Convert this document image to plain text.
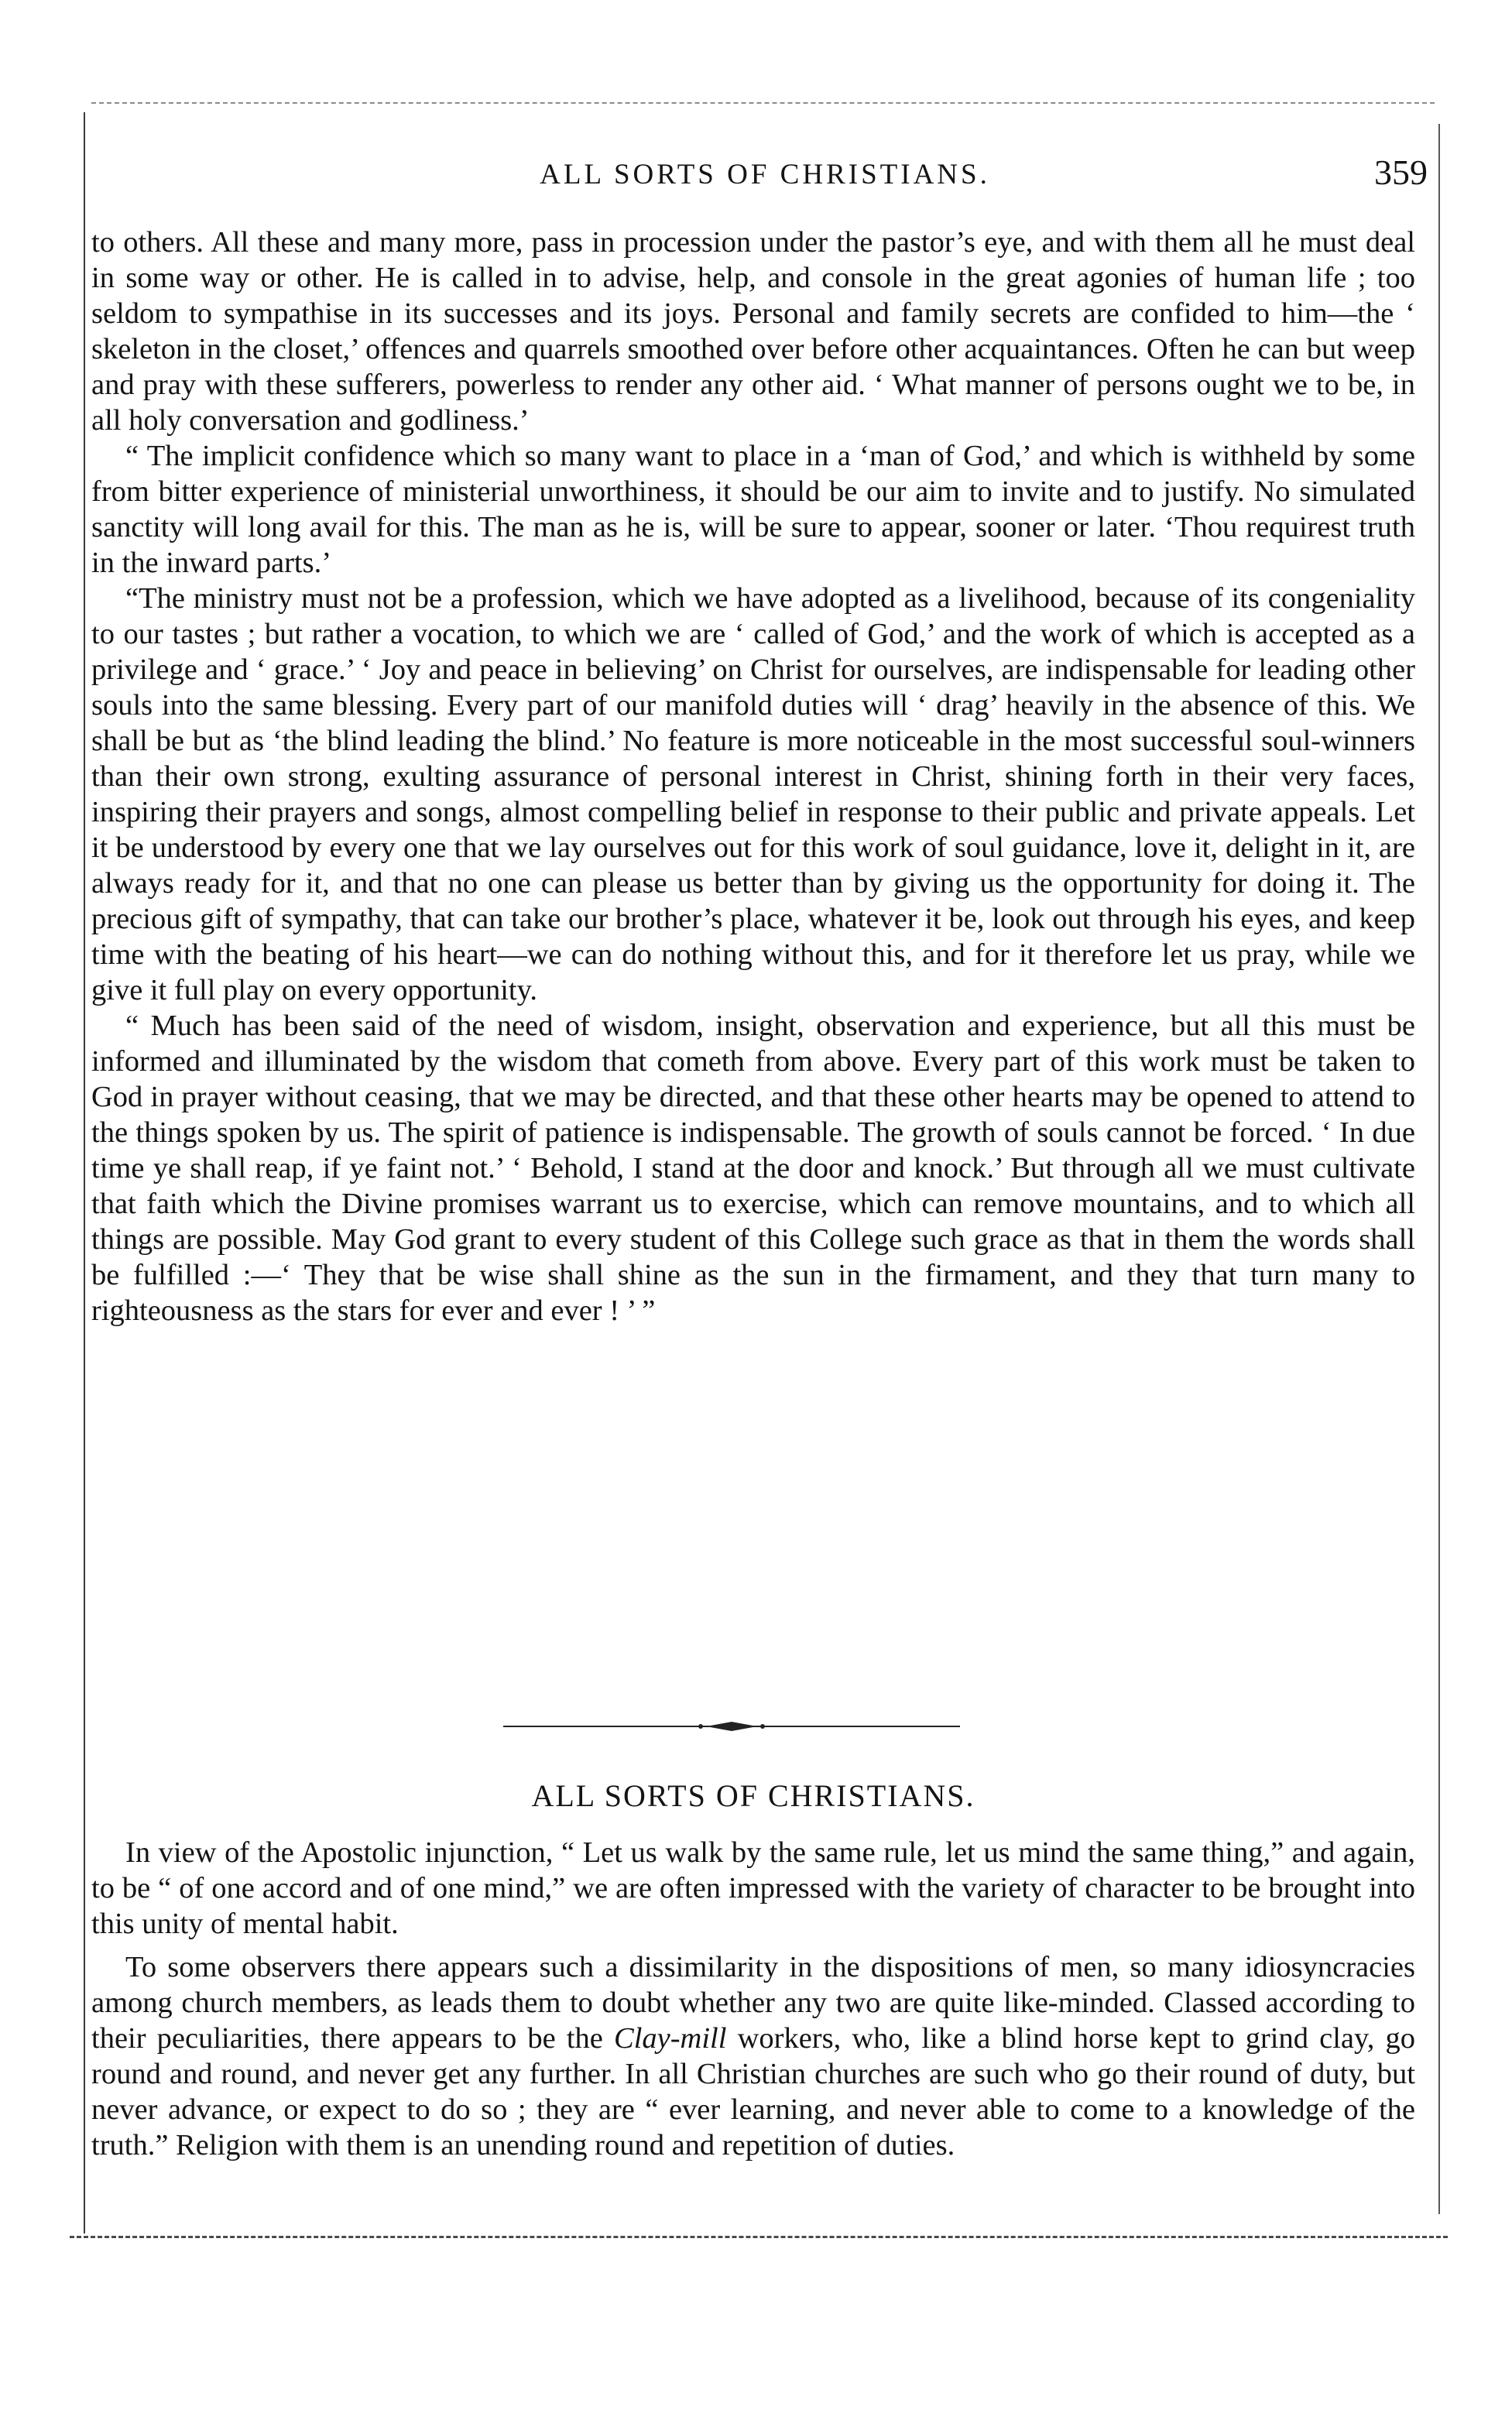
ALL SORTS OF CHRISTIANS.	359

to others. All these and many more, pass in procession under the pastor’s eye, and with them all he must deal in some way or other. He is called in to advise, help, and console in the great agonies of human life ; too seldom to sympathise in its successes and its joys. Personal and family secrets are confided to him—the ‘ skeleton in the closet,’ offences and quarrels smoothed over before other acquaintances. Often he can but weep and pray with these sufferers, powerless to render any other aid. ‘ What manner of persons ought we to be, in all holy conversation and godliness.’

“ The implicit confidence which so many want to place in a ‘man of God,’ and which is withheld by some from bitter experience of ministerial unworthiness, it should be our aim to invite and to justify. No simulated sanctity will long avail for this. The man as he is, will be sure to appear, sooner or later. ‘Thou requirest truth in the inward parts.’

“The ministry must not be a profession, which we have adopted as a livelihood, because of its congeniality to our tastes ; but rather a vocation, to which we are ‘ called of God,’ and the work of which is accepted as a privilege and ‘ grace.’ ‘ Joy and peace in believing’ on Christ for ourselves, are indispensable for leading other souls into the same blessing. Every part of our manifold duties will ‘ drag’ heavily in the absence of this. We shall be but as ‘the blind leading the blind.’ No feature is more noticeable in the most successful soul-winners than their own strong, exulting assurance of personal interest in Christ, shining forth in their very faces, inspiring their prayers and songs, almost compelling belief in response to their public and private appeals. Let it be understood by every one that we lay ourselves out for this work of soul guidance, love it, delight in it, are always ready for it, and that no one can please us better than by giving us the opportunity for doing it. The precious gift of sympathy, that can take our brother’s place, whatever it be, look out through his eyes, and keep time with the beating of his heart—we can do nothing without this, and for it therefore let us pray, while we give it full play on every opportunity.

“ Much has been said of the need of wisdom, insight, observation and experience, but all this must be informed and illuminated by the wisdom that cometh from above. Every part of this work must be taken to God in prayer without ceasing, that we may be directed, and that these other hearts may be opened to attend to the things spoken by us. The spirit of patience is indispensable. The growth of souls cannot be forced. ‘ In due time ye shall reap, if ye faint not.’ ‘ Behold, I stand at the door and knock.’ But through all we must cultivate that faith which the Divine promises warrant us to exercise, which can remove mountains, and to which all things are possible. May God grant to every student of this College such grace as that in them the words shall be fulfilled :—‘ They that be wise shall shine as the sun in the firmament, and they that turn many to righteousness as the stars for ever and ever ! ’ ”

ALL SORTS OF CHRISTIANS.

In view of the Apostolic injunction, “ Let us walk by the same rule, let us mind the same thing,” and again, to be “ of one accord and of one mind,” we are often impressed with the variety of character to be brought into this unity of mental habit.

To some observers there appears such a dissimilarity in the dispositions of men, so many idiosyncracies among church members, as leads them to doubt whether any two are quite like-minded. Classed according to their peculiarities, there appears to be the Clay-mill workers, who, like a blind horse kept to grind clay, go round and round, and never get any further. In all Christian churches are such who go their round of duty, but never advance, or expect to do so ; they are “ ever learning, and never able to come to a knowledge of the truth.” Religion with them is an unending round and repetition of duties.
